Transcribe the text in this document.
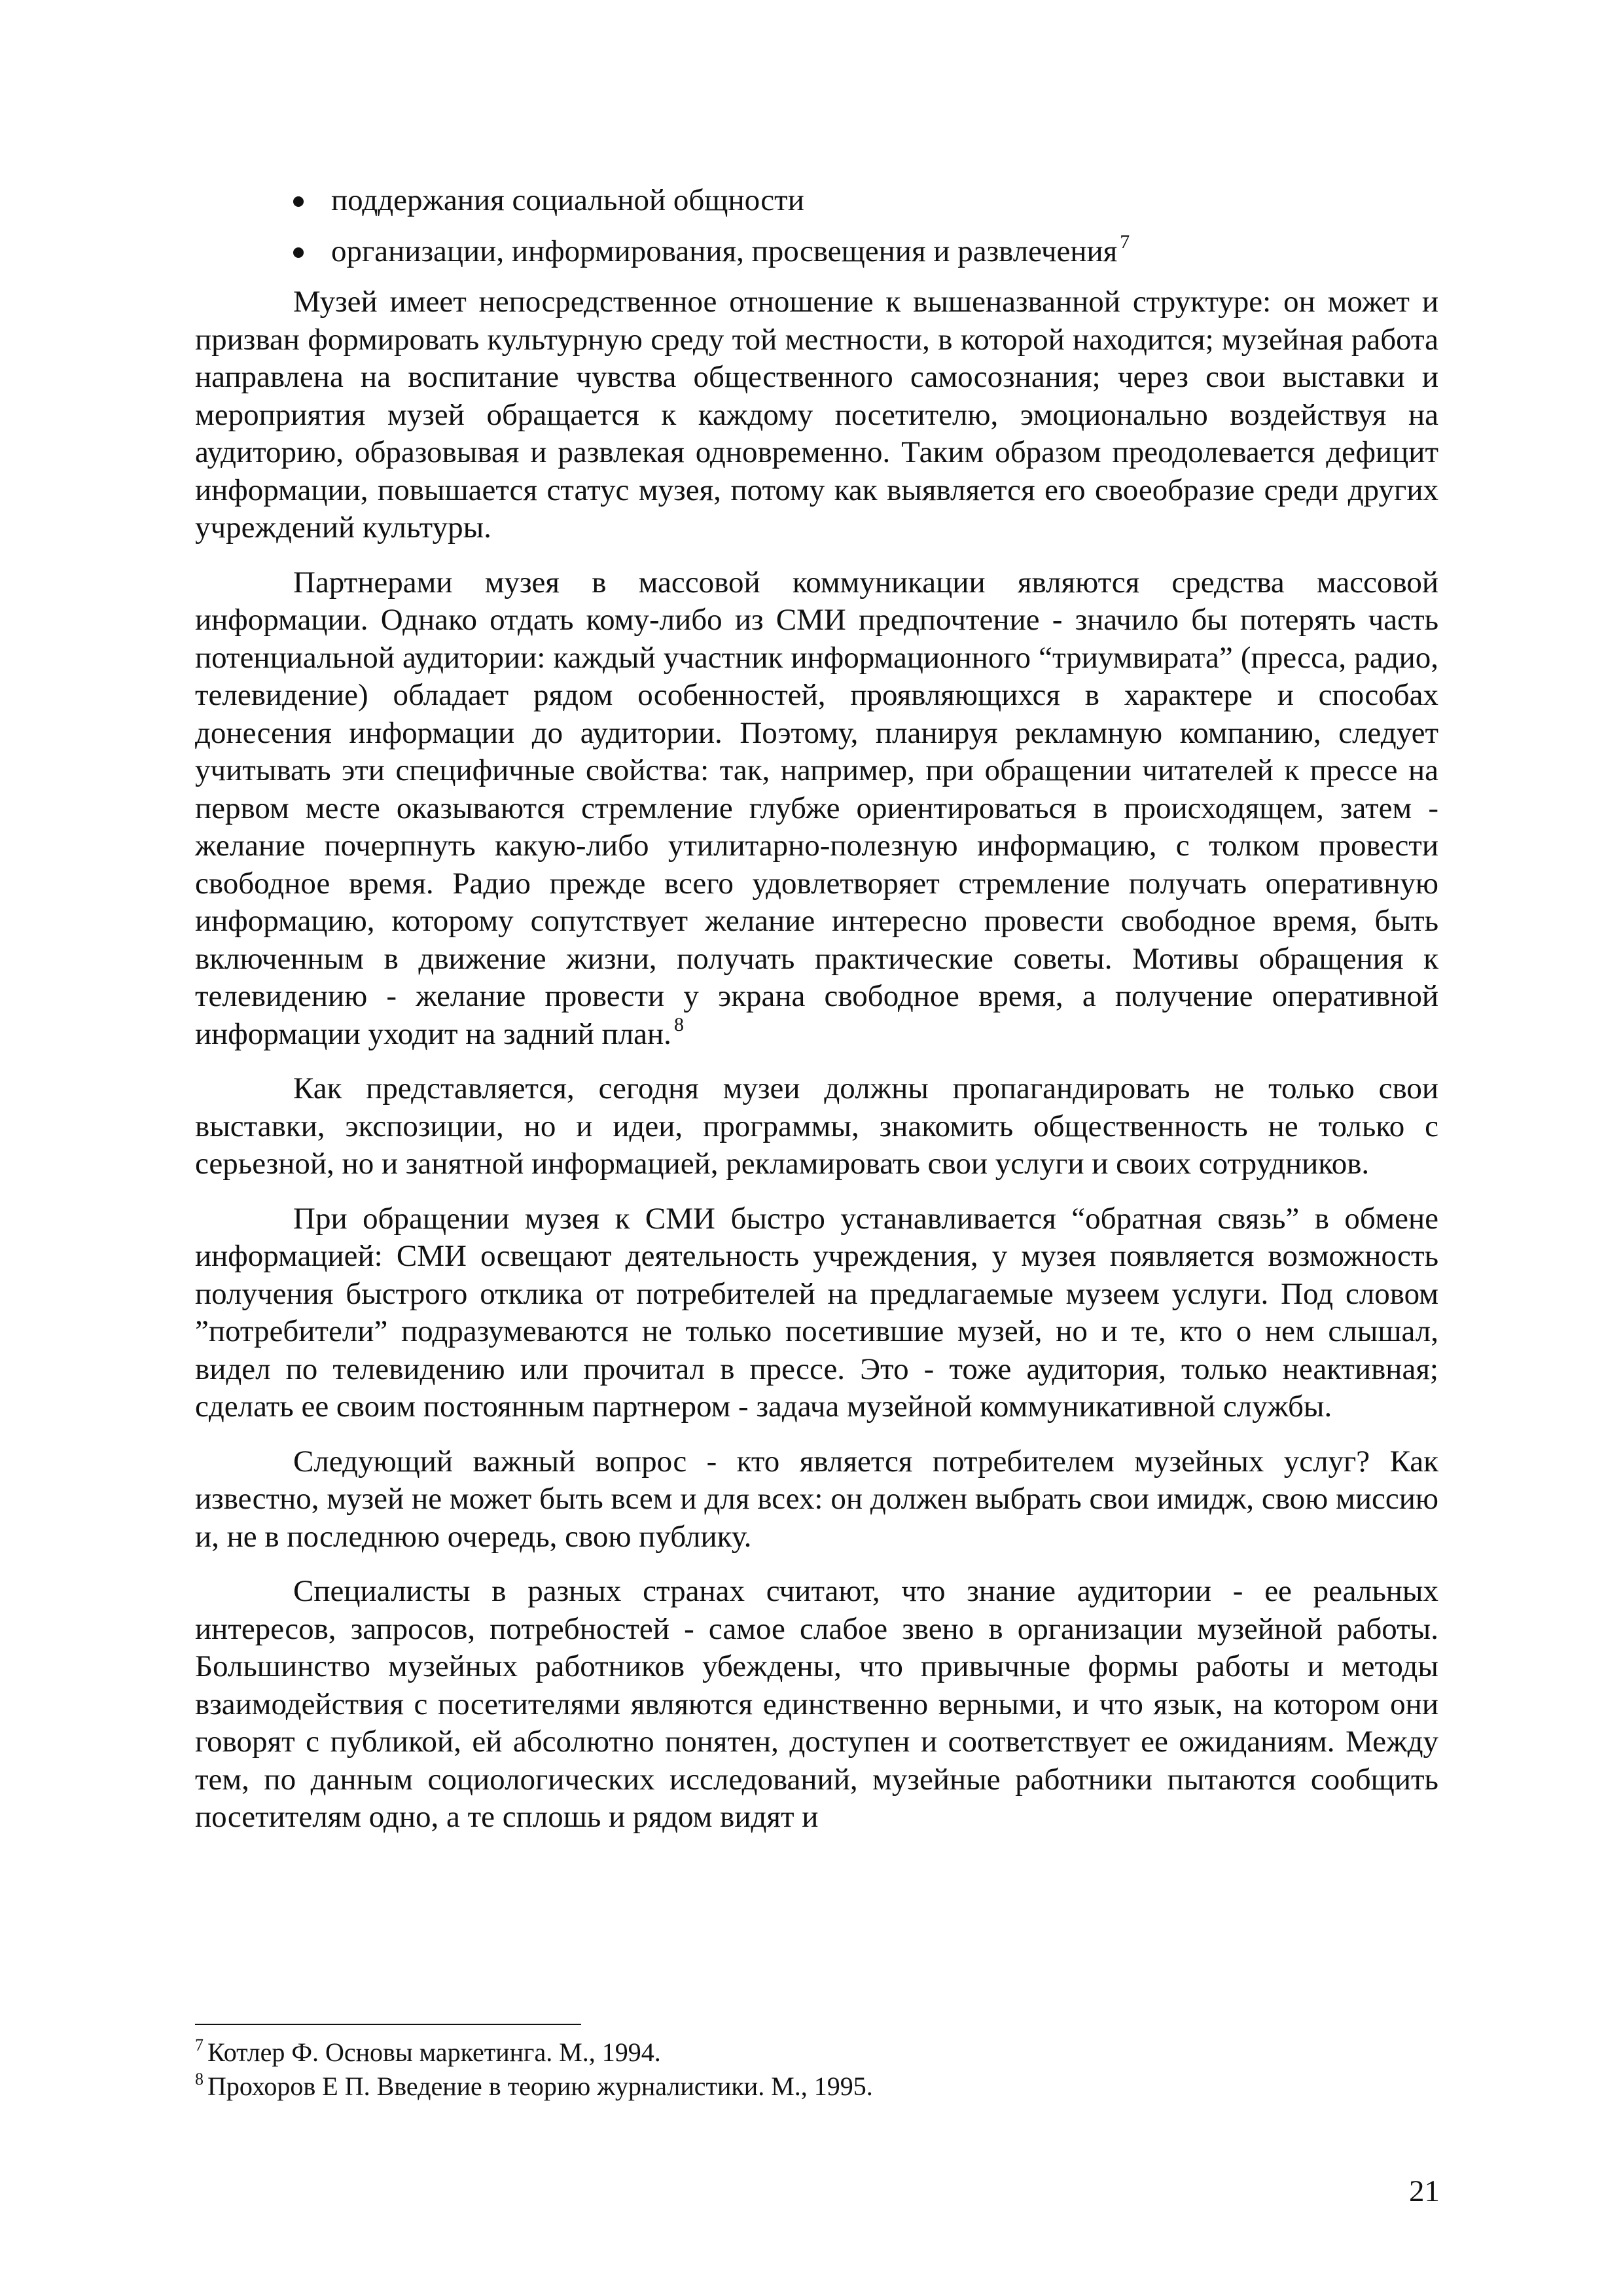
поддержания социальной общности
организации, информирования, просвещения и развлечения $^7$

Музей имеет непосредственное отношение к вышеназванной структуре: он может и призван формировать культурную среду той местности, в которой находится; музейная работа направлена на воспитание чувства общественного самосознания; через свои выставки и мероприятия музей обращается к каждому посетителю, эмоционально воздействуя на аудиторию, образовывая и развлекая одновременно. Таким образом преодолевается дефицит информации, повышается статус музея, потому как выявляется его своеобразие среди других учреждений культуры.

Партнерами музея в массовой коммуникации являются средства массовой информации. Однако отдать кому-либо из СМИ предпочтение - значило бы потерять часть потенциальной аудитории: каждый участник информационного “триумвирата” (пресса, радио, телевидение) обладает рядом особенностей, проявляющихся в характере и способах донесения информации до аудитории. Поэтому, планируя рекламную компанию, следует учитывать эти специфичные свойства: так, например, при обращении читателей к прессе на первом месте оказываются стремление глубже ориентироваться в происходящем, затем - желание почерпнуть какую-либо утилитарно-полезную информацию, с толком провести свободное время. Радио прежде всего удовлетворяет стремление получать оперативную информацию, которому сопутствует желание интересно провести свободное время, быть включенным в движение жизни, получать практические советы. Мотивы обращения к телевидению - желание провести у экрана свободное время, а получение оперативной информации уходит на задний план. $^8$

Как представляется, сегодня музеи должны пропагандировать не только свои выставки, экспозиции, но и идеи, программы, знакомить общественность не только с серьезной, но и занятной информацией, рекламировать свои услуги и своих сотрудников.

При обращении музея к СМИ быстро устанавливается “обратная связь” в обмене информацией: СМИ освещают деятельность учреждения, у музея появляется возможность получения быстрого отклика от потребителей на предлагаемые музеем услуги. Под словом ”потребители” подразумеваются не только посетившие музей, но и те, кто о нем слышал, видел по телевидению или прочитал в прессе. Это - тоже аудитория, только неактивная; сделать ее своим постоянным партнером - задача музейной коммуникативной службы.

Следующий важный вопрос - кто является потребителем музейных услуг? Как известно, музей не может быть всем и для всех: он должен выбрать свои имидж, свою миссию и, не в последнюю очередь, свою публику.

Специалисты в разных странах считают, что знание аудитории - ее реальных интересов, запросов, потребностей - самое слабое звено в организации музейной работы. Большинство музейных работников убеждены, что привычные формы работы и методы взаимодействия с посетителями являются единственно верными, и что язык, на котором они говорят с публикой, ей абсолютно понятен, доступен и соответствует ее ожиданиям. Между тем, по данным социологических исследований, музейные работники пытаются сообщить посетителям одно, а те сплошь и рядом видят и

$^7$ Котлер Ф. Основы маркетинга. М., 1994.

$^8$ Прохоров Е П. Введение в теорию журналистики. М., 1995.

21
